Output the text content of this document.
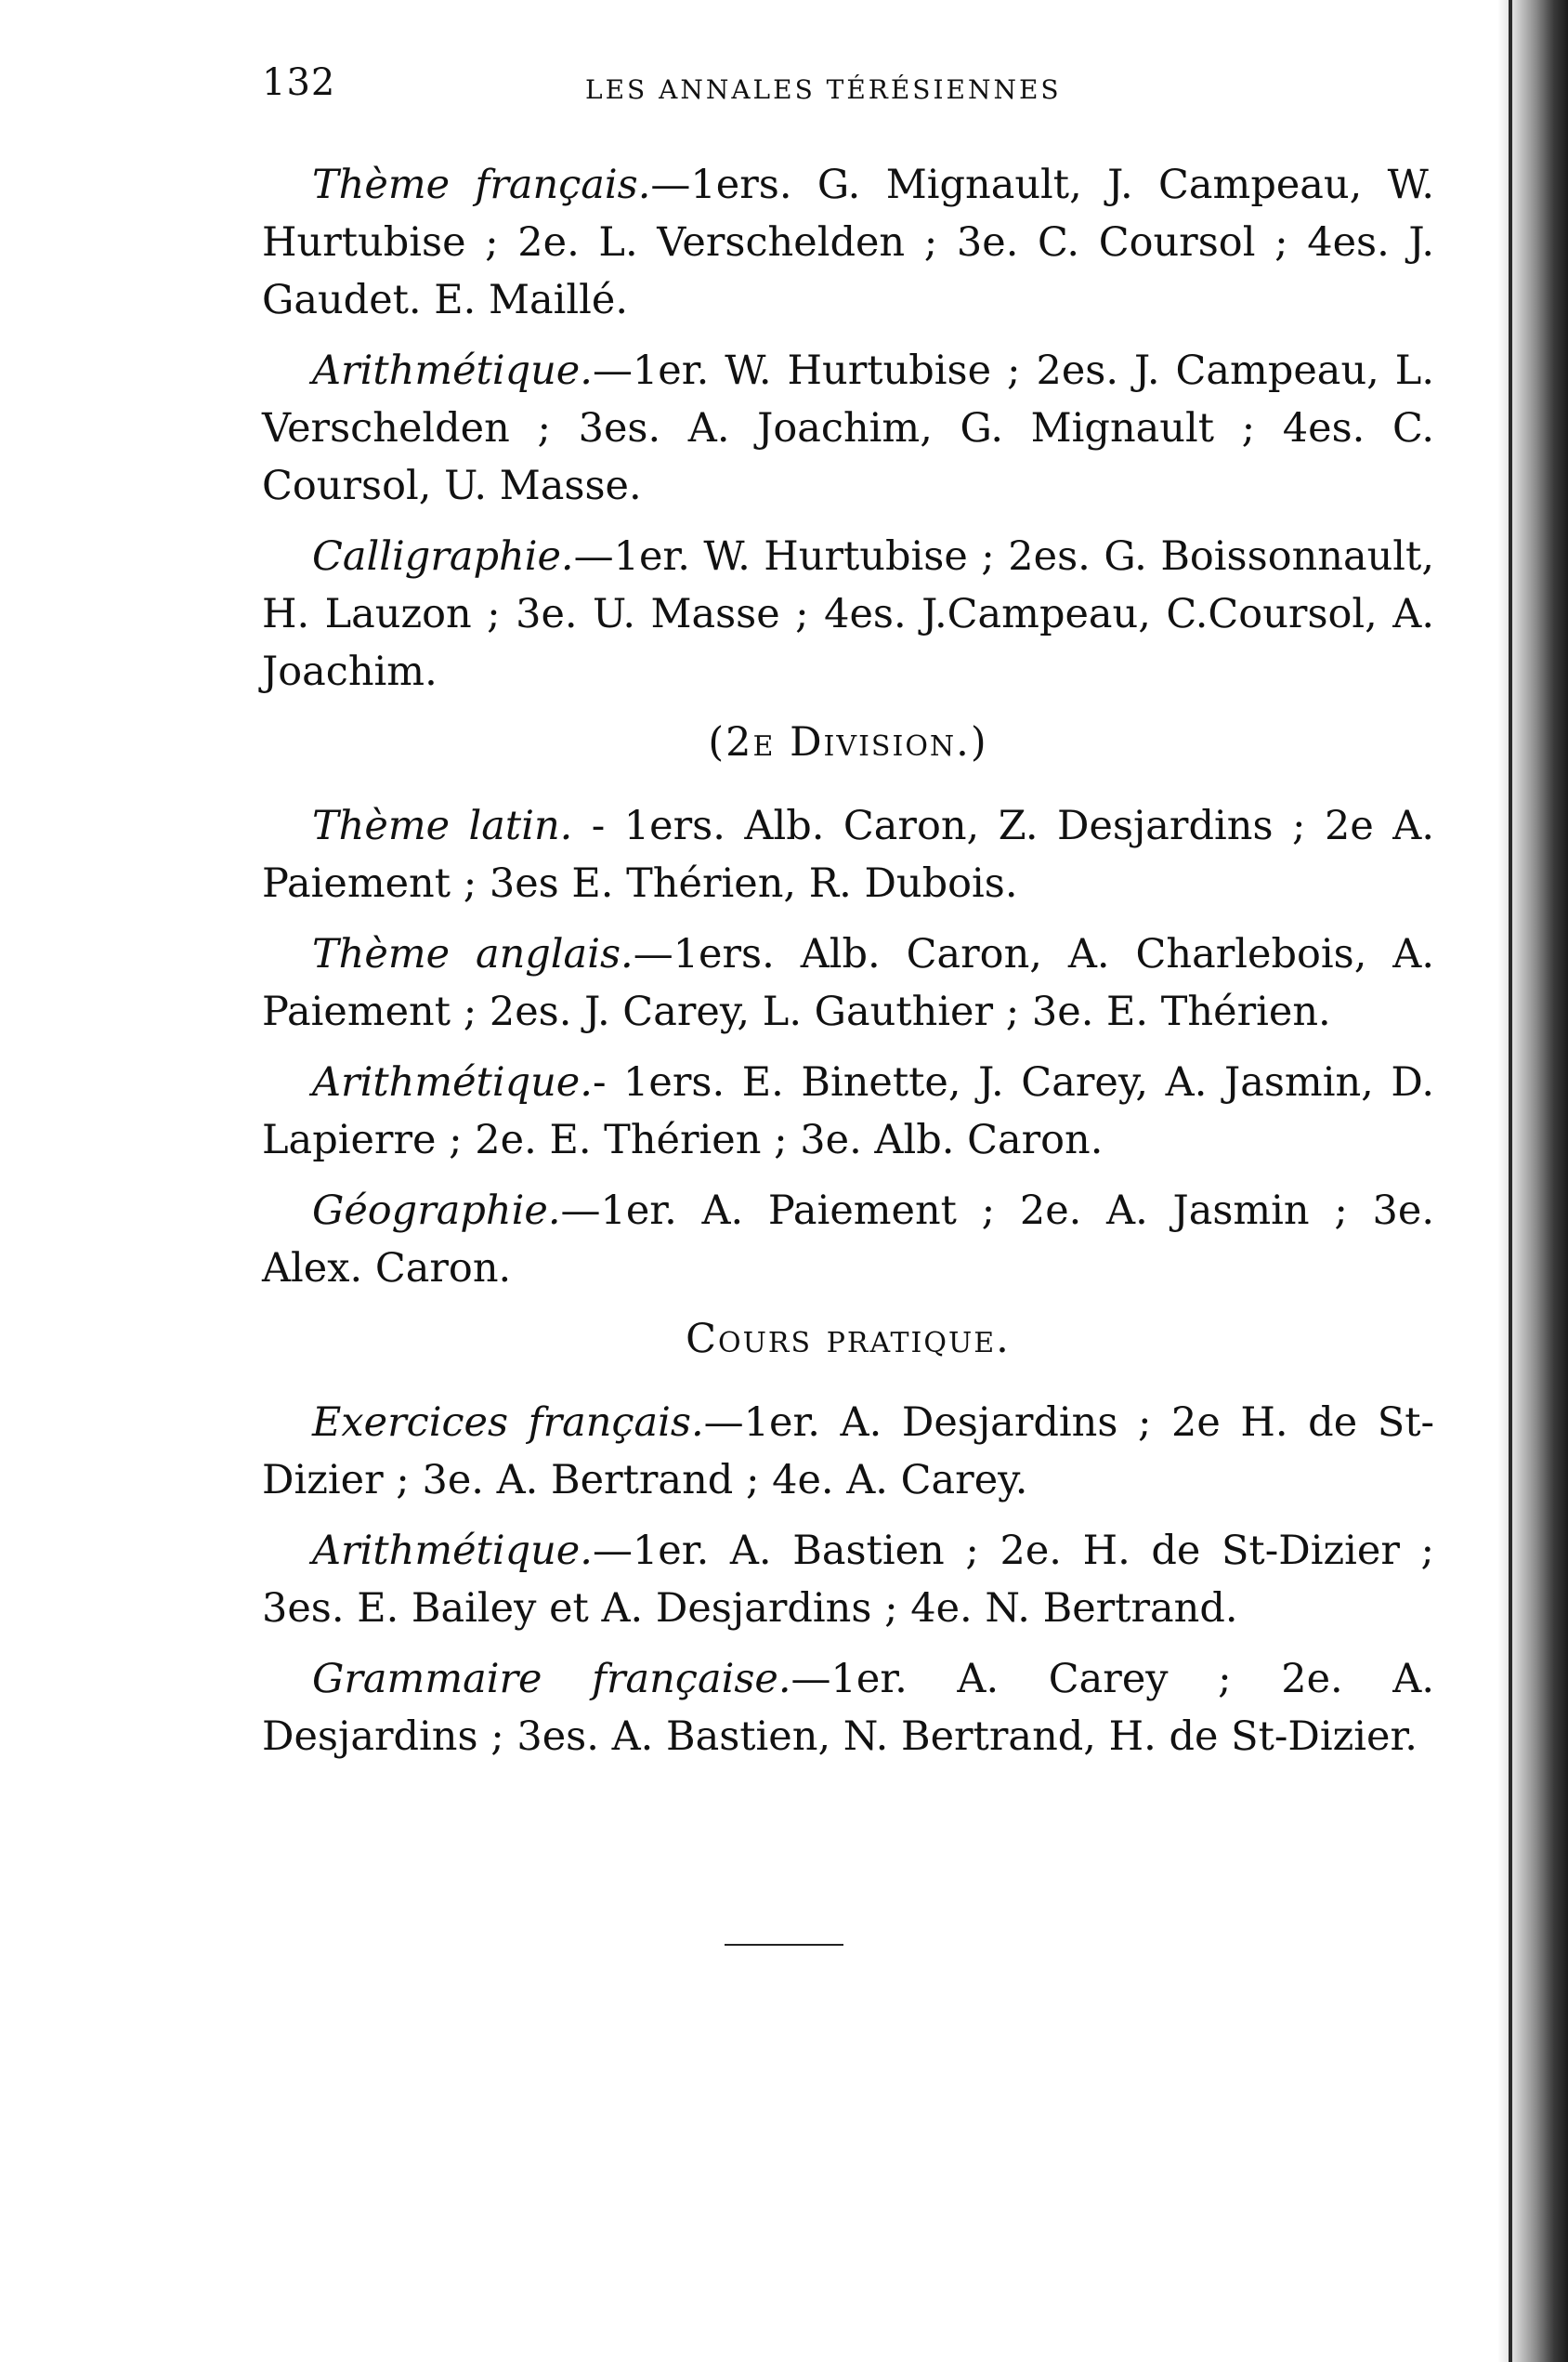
132	LES ANNALES TÉRÉSIENNES

Thème français.—1ers. G. Mignault, J. Campeau, W. Hurtubise ; 2e. L. Verschelden ; 3e. C. Coursol ; 4es. J. Gaudet. E. Maillé.

Arithmétique.—1er. W. Hurtubise ; 2es. J. Campeau, L. Verschelden ; 3es. A. Joachim, G. Mignault ; 4es. C. Coursol, U. Masse.

Calligraphie.—1er. W. Hurtubise ; 2es. G. Boissonnault, H. Lauzon ; 3e. U. Masse ; 4es. J.Campeau, C.Coursol, A. Joachim.

(2e Division.)

Thème latin. - 1ers. Alb. Caron, Z. Desjardins ; 2e A. Paiement ; 3es E. Thérien, R. Dubois.

Thème anglais.—1ers. Alb. Caron, A. Charlebois, A. Paiement ; 2es. J. Carey, L. Gauthier ; 3e. E. Thérien.

Arithmétique.- 1ers. E. Binette, J. Carey, A. Jasmin, D. Lapierre ; 2e. E. Thérien ; 3e. Alb. Caron.

Géographie.—1er. A. Paiement ; 2e. A. Jasmin ; 3e. Alex. Caron.

Cours pratique.

Exercices français.—1er. A. Desjardins ; 2e H. de St-Dizier ; 3e. A. Bertrand ; 4e. A. Carey.

Arithmétique.—1er. A. Bastien ; 2e. H. de St-Dizier ; 3es. E. Bailey et A. Desjardins ; 4e. N. Bertrand.

Grammaire française.—1er. A. Carey ; 2e. A. Desjardins ; 3es. A. Bastien, N. Bertrand, H. de St-Dizier.
